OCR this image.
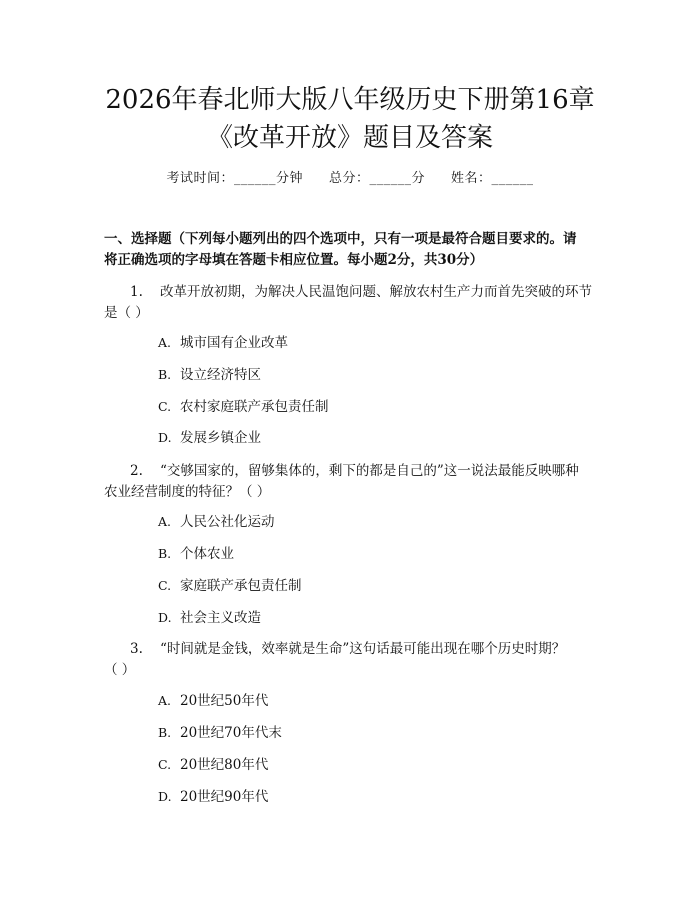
2026年春北师大版八年级历史下册第16章
《改革开放》题目及答案
考试时间：______分钟 总分：______分 姓名：______
一、选择题（下列每小题列出的四个选项中，只有一项是最符合题目要求的。请
将正确选项的字母填在答题卡相应位置。每小题2分，共30分）
1. 改革开放初期，为解决人民温饱问题、解放农村生产力而首先突破的环节
是（ ）
A. 城市国有企业改革
B. 设立经济特区
C. 农村家庭联产承包责任制
D. 发展乡镇企业
2. “交够国家的，留够集体的，剩下的都是自己的”这一说法最能反映哪种
农业经营制度的特征？（ ）
A. 人民公社化运动
B. 个体农业
C. 家庭联产承包责任制
D. 社会主义改造
3. “时间就是金钱，效率就是生命”这句话最可能出现在哪个历史时期？
（ ）
A. 20世纪50年代
B. 20世纪70年代末
C. 20世纪80年代
D. 20世纪90年代
